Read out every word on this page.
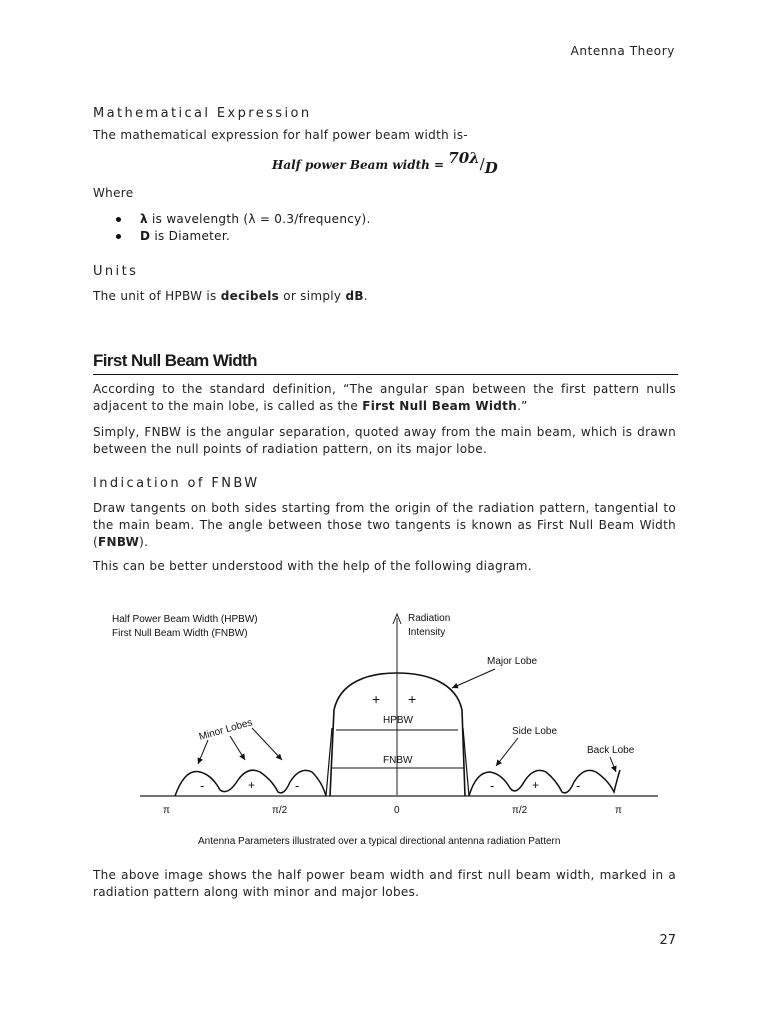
Antenna Theory
Mathematical Expression
The mathematical expression for half power beam width is-
Half power Beam width = 70λ/D
Where
λ is wavelength (λ = 0.3/frequency).
D is Diameter.
Units
The unit of HPBW is decibels or simply dB.
First Null Beam Width
According to the standard definition, “The angular span between the first pattern nulls adjacent to the main lobe, is called as the First Null Beam Width.”
Simply, FNBW is the angular separation, quoted away from the main beam, which is drawn between the null points of radiation pattern, on its major lobe.
Indication of FNBW
Draw tangents on both sides starting from the origin of the radiation pattern, tangential to the main beam. The angle between those two tangents is known as First Null Beam Width (FNBW).
This can be better understood with the help of the following diagram.
Half Power Beam Width (HPBW)
First Null Beam Width (FNBW)
Radiation
Intensity
HPBW
FNBW
+ +
-	+	-	-	+	-
Major Lobe
Minor Lobes	Side Lobe
Back Lobe
π	π/2	0	π/2	π
Antenna Parameters illustrated over a typical directional antenna radiation Pattern
The above image shows the half power beam width and first null beam width, marked in a radiation pattern along with minor and major lobes.
27
